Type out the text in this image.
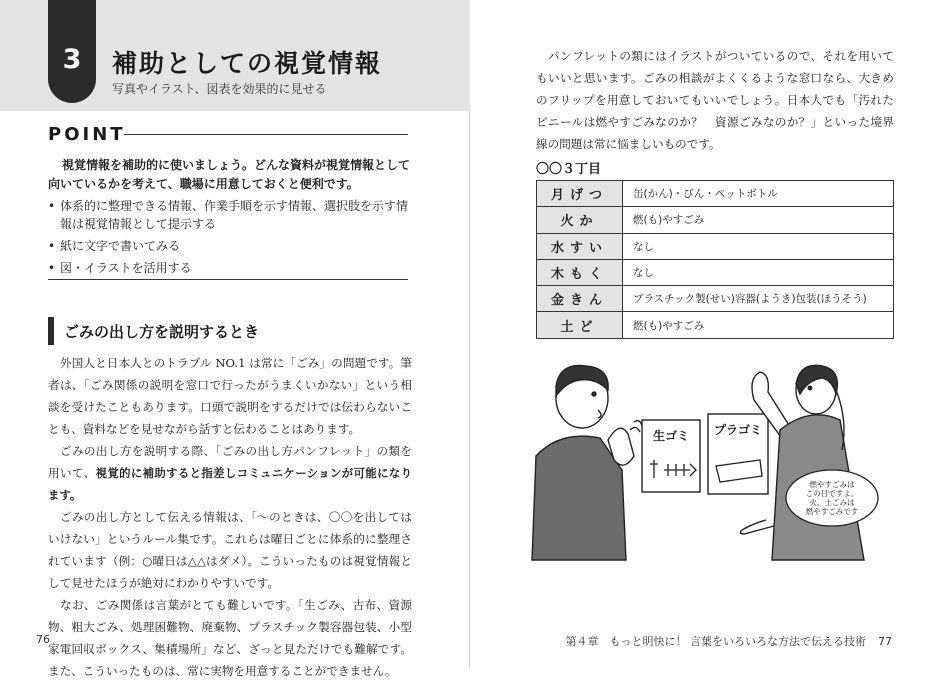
3	補助としての視覚情報
写真やイラスト、図表を効果的に見せる
POINT
視覚情報を補助的に使いましょう。どんな資料が視覚情報として向いているかを考えて、職場に用意しておくと便利です。
• 体系的に整理できる情報、作業手順を示す情報、選択肢を示す情報は視覚情報として提示する
• 紙に文字で書いてみる
• 図・イラストを活用する
ごみの出し方を説明するとき

外国人と日本人とのトラブル NO.1 は常に「ごみ」の問題です。筆者は、「ごみ関係の説明を窓口で行ったがうまくいかない」という相談を受けたこともあります。口頭で説明をするだけでは伝わらないことも、資料などを見せながら話すと伝わることはあります。

ごみの出し方を説明する際、「ごみの出し方パンフレット」の類を用いて、視覚的に補助すると指差しコミュニケーションが可能になります。

ごみの出し方として伝える情報は、「～のときは、〇〇を出してはいけない」というルール集です。これらは曜日ごとに体系的に整理されています（例：○曜日は△△はダメ）。こういったものは視覚情報として見せたほうが絶対にわかりやすいです。

なお、ごみ関係は言葉がとても難しいです。「生ごみ、古布、資源物、粗大ごみ、処理困難物、廃棄物、プラスチック製容器包装、小型家電回収ボックス、集積場所」など、ざっと見ただけでも難解です。また、こういったものは、常に実物を用意することができません。

76

パンフレットの類にはイラストがついているので、それを用いてもいいと思います。ごみの相談がよくくるような窓口なら、大きめのフリップを用意しておいてもいいでしょう。日本人でも「汚れたビニールは燃やすごみなのか？　資源ごみなのか？」といった境界線の問題は常に悩ましいものです。

〇〇３丁目
月げつ	缶(かん)・びん・ペットボトル
火か	燃(も)やすごみ
水すい	なし
木もく	なし
金きん	プラスチック製(せい)容器(ようき)包装(ほうそう)
土ど	燃(も)やすごみ
生ゴミ プラゴミ
燃やすごみは
この日ですよ。
火、土ごみは
燃やすごみです
第４章　もっと明快に！ 言葉をいろいろな方法で伝える技術 77
